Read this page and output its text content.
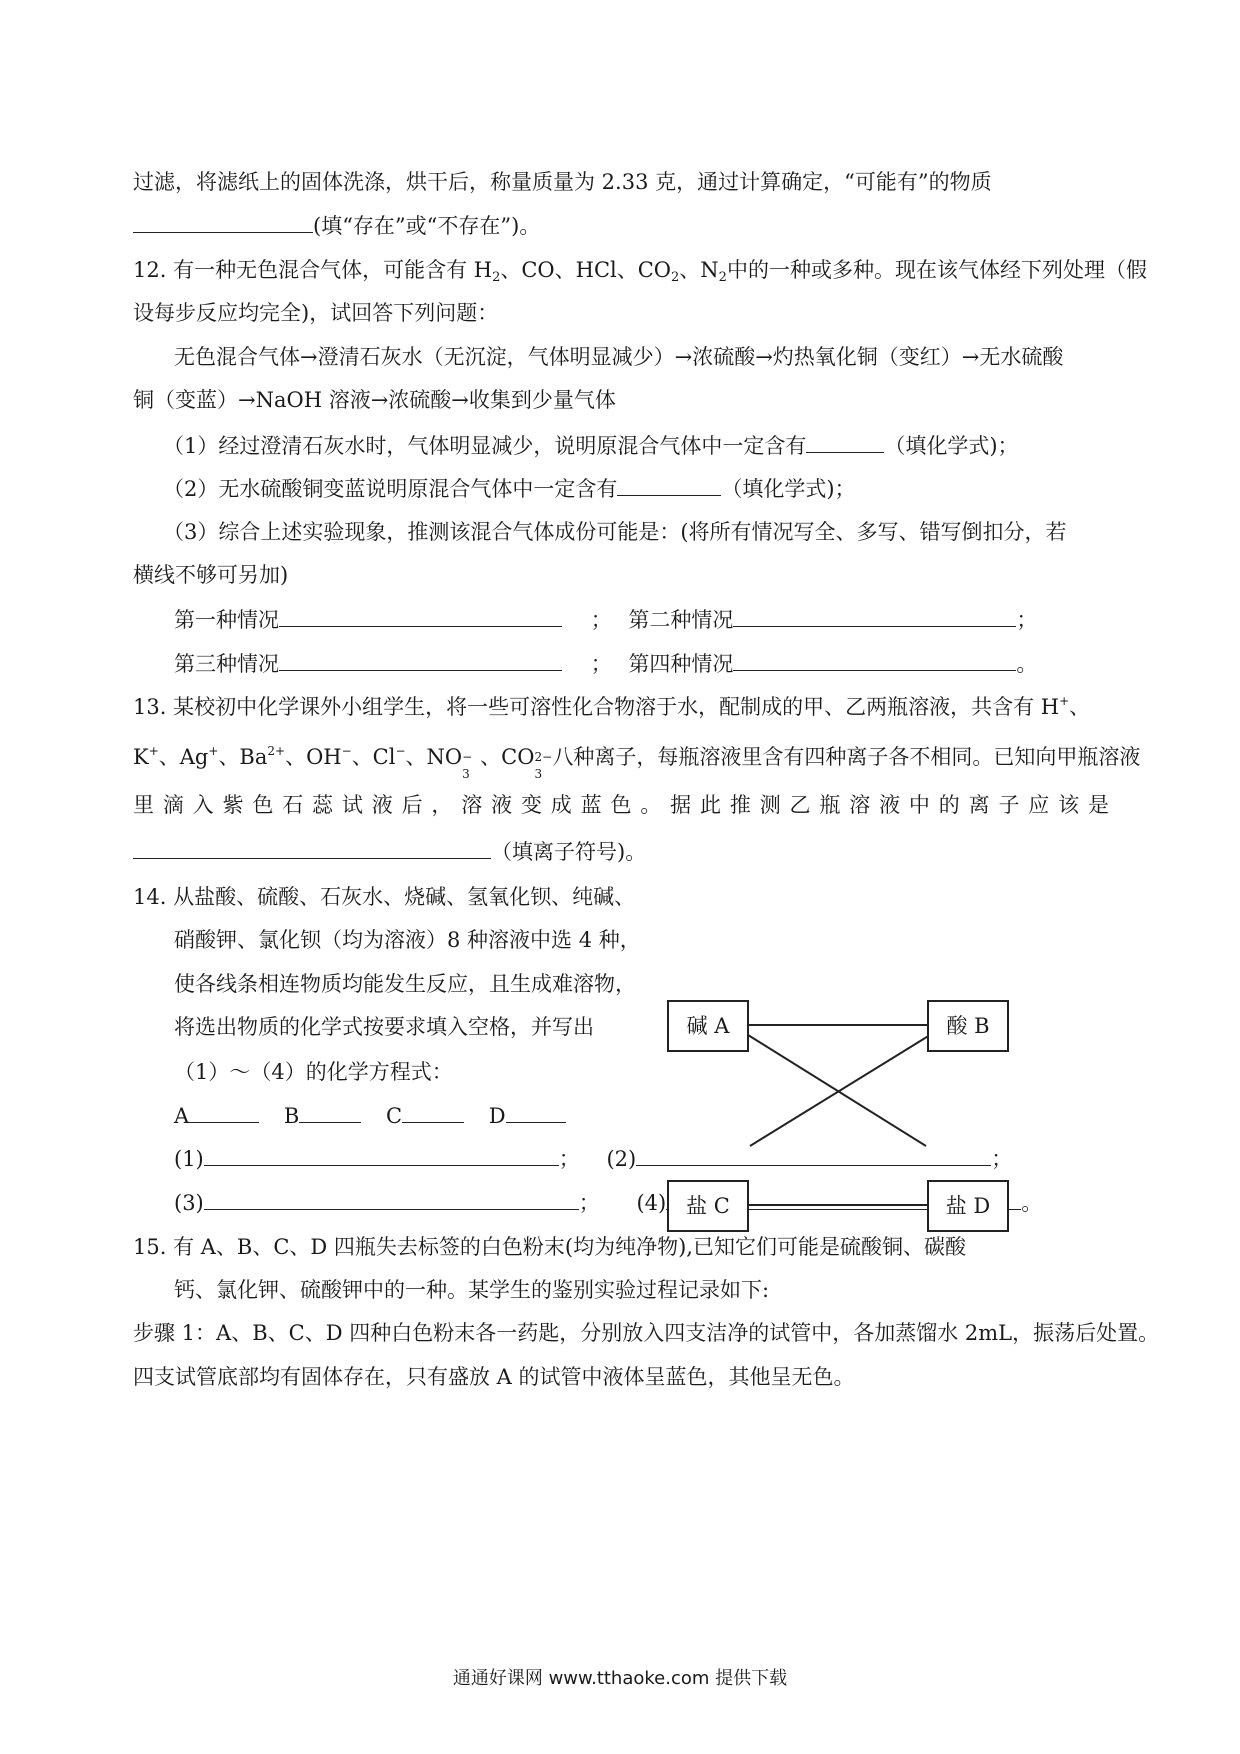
过滤，将滤纸上的固体洗涤，烘干后，称量质量为 2.33 克，通过计算确定，“可能有”的物质
(填“存在”或“不存在”)。
12. 有一种无色混合气体，可能含有 $H_2$、CO、HCl、$CO_2$、$N_2$中的一种或多种。现在该气体经下列处理（假
设每步反应均完全)，试回答下列问题：
无色混合气体→澄清石灰水（无沉淀，气体明显减少）→浓硫酸→灼热氧化铜（变红）→无水硫酸
铜（变蓝）→NaOH 溶液→浓硫酸→收集到少量气体
（1）经过澄清石灰水时，气体明显减少，说明原混合气体中一定含有	（填化学式)；
（2）无水硫酸铜变蓝说明原混合气体中一定含有	（填化学式)；
（3）综合上述实验现象，推测该混合气体成份可能是：(将所有情况写全、多写、错写倒扣分，若
横线不够可另加)
第一种情况	； 第二种情况	；
第三种情况	； 第四种情况	。
13. 某校初中化学课外小组学生，将一些可溶性化合物溶于水，配制成的甲、乙两瓶溶液，共含有 H+、
K+、Ag+、$Ba^{2+}$、OH−、Cl−、NO −
3
、CO 2−
3
八种离子，每瓶溶液里含有四种离子各不相同。已知向甲瓶溶液
里滴入紫色石蕊试液后，溶液变成蓝色。据此推测乙瓶溶液中的离子应该是
（填离子符号)。
14. 从盐酸、硫酸、石灰水、烧碱、氢氧化钡、纯碱、
硝酸钾、氯化钡（均为溶液）8 种溶液中选 4 种，
使各线条相连物质均能发生反应，且生成难溶物，
将选出物质的化学式按要求填入空格，并写出
（1）～（4）的化学方程式：
A	B	C	D
(1)	； (2)	；
(3)	； (4)	。
碱 A	酸 B
盐 C	盐 D
15. 有 A、B、C、D 四瓶失去标签的白色粉末(均为纯净物),已知它们可能是硫酸铜、碳酸
钙、氯化钾、硫酸钾中的一种。某学生的鉴别实验过程记录如下:
步骤 1：A、B、C、D 四种白色粉末各一药匙，分别放入四支洁净的试管中，各加蒸馏水 2mL，振荡后处置。
四支试管底部均有固体存在，只有盛放 A 的试管中液体呈蓝色，其他呈无色。
通通好课网 www.tthaoke.com 提供下载
